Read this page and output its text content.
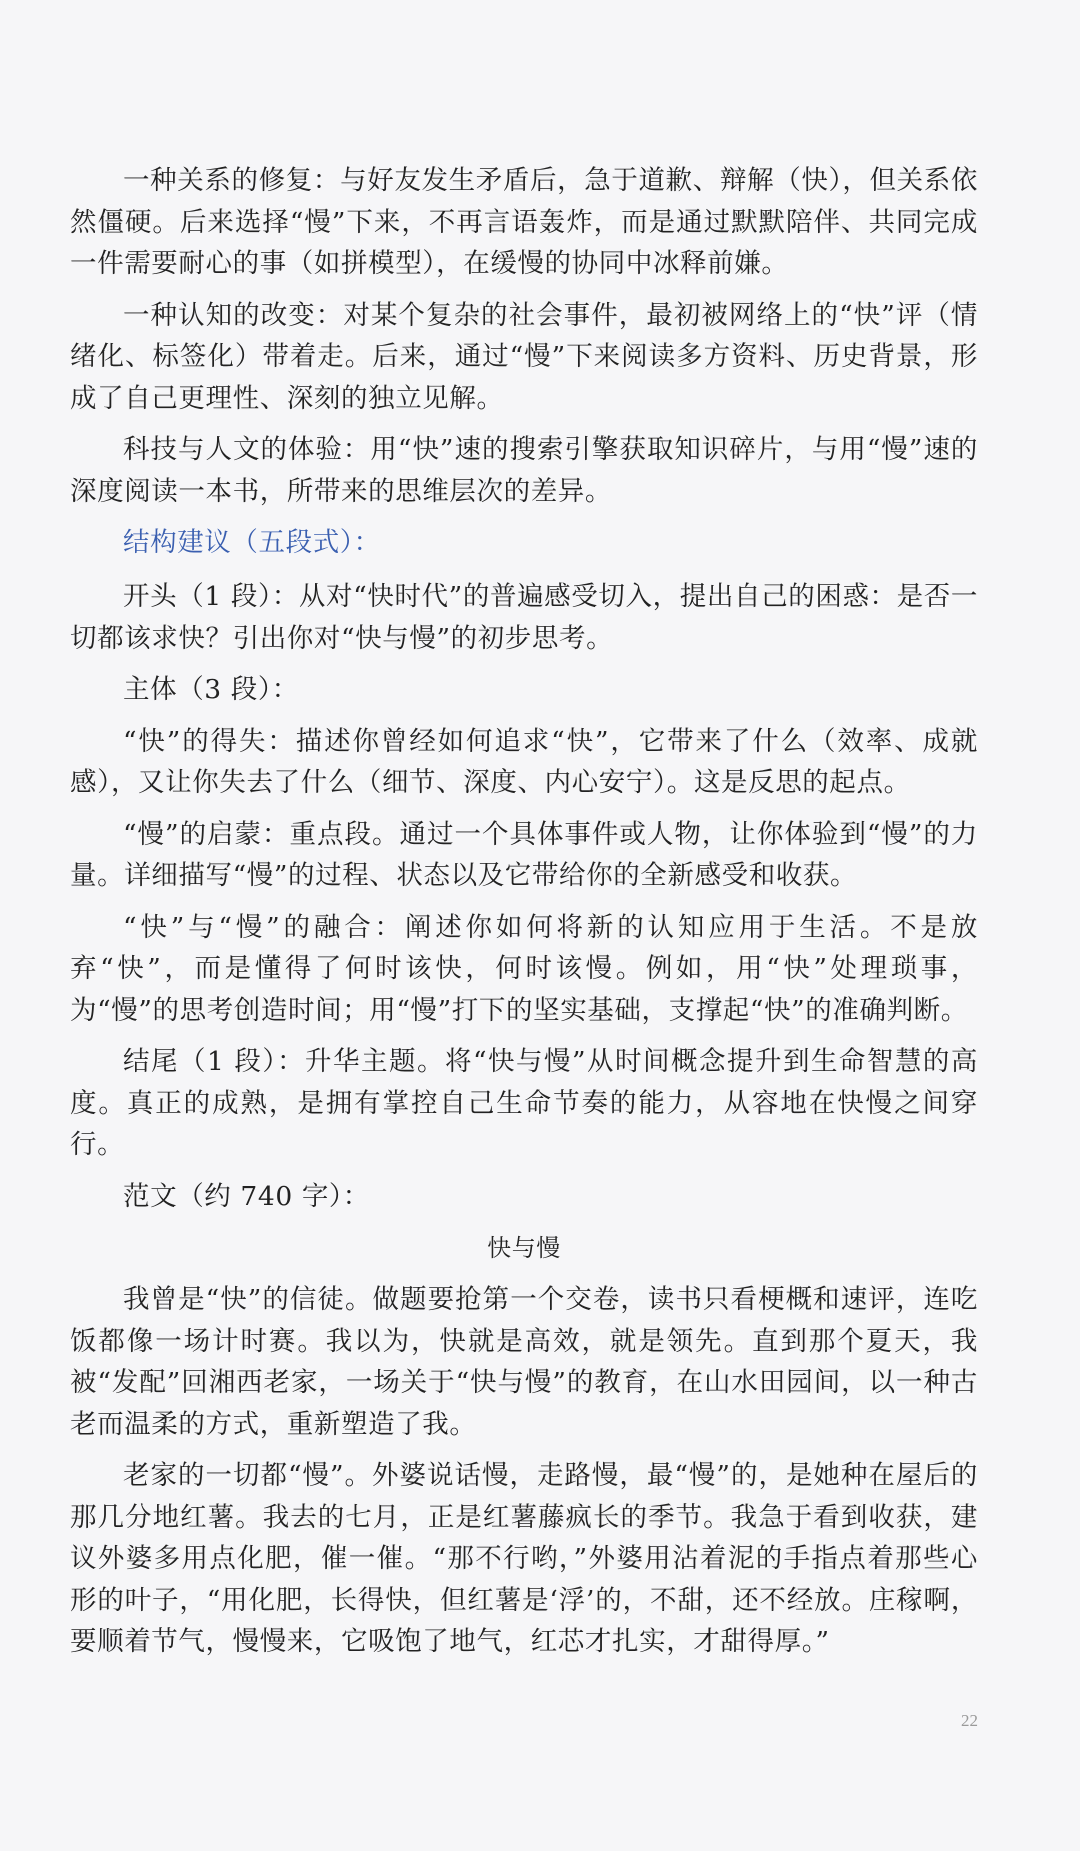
一种关系的修复：与好友发生矛盾后，急于道歉、辩解（快），但关系依然僵硬。后来选择“慢”下来，不再言语轰炸，而是通过默默陪伴、共同完成一件需要耐心的事（如拼模型），在缓慢的协同中冰释前嫌。

一种认知的改变：对某个复杂的社会事件，最初被网络上的“快”评（情绪化、标签化）带着走。后来，通过“慢”下来阅读多方资料、历史背景，形成了自己更理性、深刻的独立见解。

科技与人文的体验：用“快”速的搜索引擎获取知识碎片，与用“慢”速的深度阅读一本书，所带来的思维层次的差异。

结构建议（五段式）：

开头（1 段）：从对“快时代”的普遍感受切入，提出自己的困惑：是否一切都该求快？引出你对“快与慢”的初步思考。

主体（3 段）：

“快”的得失：描述你曾经如何追求“快”，它带来了什么（效率、成就感），又让你失去了什么（细节、深度、内心安宁）。这是反思的起点。

“慢”的启蒙：重点段。通过一个具体事件或人物，让你体验到“慢”的力量。详细描写“慢”的过程、状态以及它带给你的全新感受和收获。

“快”与“慢”的融合：阐述你如何将新的认知应用于生活。不是放弃“快”，而是懂得了何时该快，何时该慢。例如，用“快”处理琐事，为“慢”的思考创造时间；用“慢”打下的坚实基础，支撑起“快”的准确判断。

结尾（1 段）：升华主题。将“快与慢”从时间概念提升到生命智慧的高度。真正的成熟，是拥有掌控自己生命节奏的能力，从容地在快慢之间穿行。

范文（约 740 字）：

快与慢

我曾是“快”的信徒。做题要抢第一个交卷，读书只看梗概和速评，连吃饭都像一场计时赛。我以为，快就是高效，就是领先。直到那个夏天，我被“发配”回湘西老家，一场关于“快与慢”的教育，在山水田园间，以一种古老而温柔的方式，重新塑造了我。

老家的一切都“慢”。外婆说话慢，走路慢，最“慢”的，是她种在屋后的那几分地红薯。我去的七月，正是红薯藤疯长的季节。我急于看到收获，建议外婆多用点化肥，催一催。“那不行哟，”外婆用沾着泥的手指点着那些心形的叶子，“用化肥，长得快，但红薯是‘浮’的，不甜，还不经放。庄稼啊，要顺着节气，慢慢来，它吸饱了地气，红芯才扎实，才甜得厚。”

22
